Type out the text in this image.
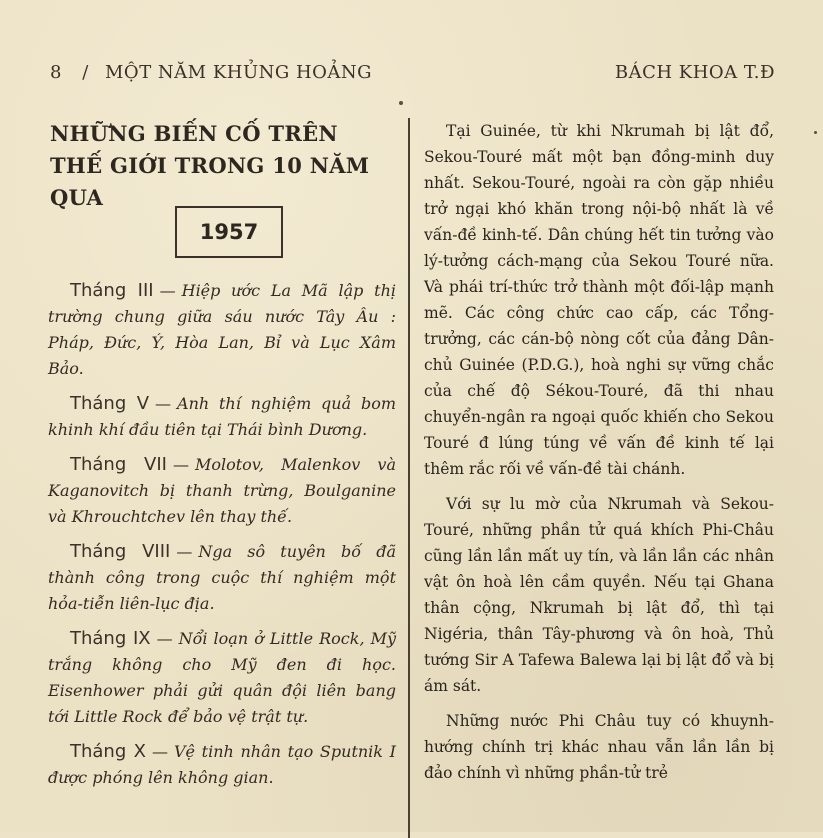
8 / MỘT NĂM KHỦNG HOẢNG	BÁCH KHOA T.Đ
NHỮNG BIẾN CỐ TRÊN THẾ GIỚI TRONG 10 NĂM QUA
1957
Tháng III — Hiệp ước La Mã lập thị trường chung giữa sáu nước Tây Âu : Pháp, Đức, Ý, Hòa Lan, Bỉ và Lục Xâm Bảo.
Tháng V — Anh thí nghiệm quả bom khinh khí đầu tiên tại Thái bình Dương.
Tháng VII — Molotov, Malenkov và Kaganovitch bị thanh trừng, Boulganine và Khrouchtchev lên thay thế.
Tháng VIII — Nga sô tuyên bố đã thành công trong cuộc thí nghiệm một hỏa-tiễn liên-lục địa.
Tháng IX — Nổi loạn ở Little Rock, Mỹ trắng không cho Mỹ đen đi học. Eisenhower phải gửi quân đội liên bang tới Little Rock để bảo vệ trật tự.
Tháng X — Vệ tinh nhân tạo Sputnik I được phóng lên không gian.

Tại Guinée, từ khi Nkrumah bị lật đổ, Sekou-Touré mất một bạn đồng-minh duy nhất. Sekou-Touré, ngoài ra còn gặp nhiều trở ngại khó khăn trong nội-bộ nhất là về vấn-đề kinh-tế. Dân chúng hết tin tưởng vào lý-tưởng cách-mạng của Sekou Touré nữa. Và phái trí-thức trở thành một đối-lập mạnh mẽ. Các công chức cao cấp, các Tổng-trưởng, các cán-bộ nòng cốt của đảng Dân-chủ Guinée (P.D.G.), hoà nghi sự vững chắc của chế độ Sékou-Touré, đã thi nhau chuyển-ngân ra ngoại quốc khiến cho Sekou Touré đ lúng túng về vấn đề kinh tế lại thêm rắc rối về vấn-đề tài chánh.

Với sự lu mờ của Nkrumah và Sekou-Touré, những phần tử quá khích Phi-Châu cũng lần lần mất uy tín, và lần lần các nhân vật ôn hoà lên cầm quyền. Nếu tại Ghana thân cộng, Nkrumah bị lật đổ, thì tại Nigéria, thân Tây-phương và ôn hoà, Thủ tướng Sir A Tafewa Balewa lại bị lật đổ và bị ám sát.

Những nước Phi Châu tuy có khuynh-hướng chính trị khác nhau vẫn lần lần bị đảo chính vì những phần-tử trẻ
